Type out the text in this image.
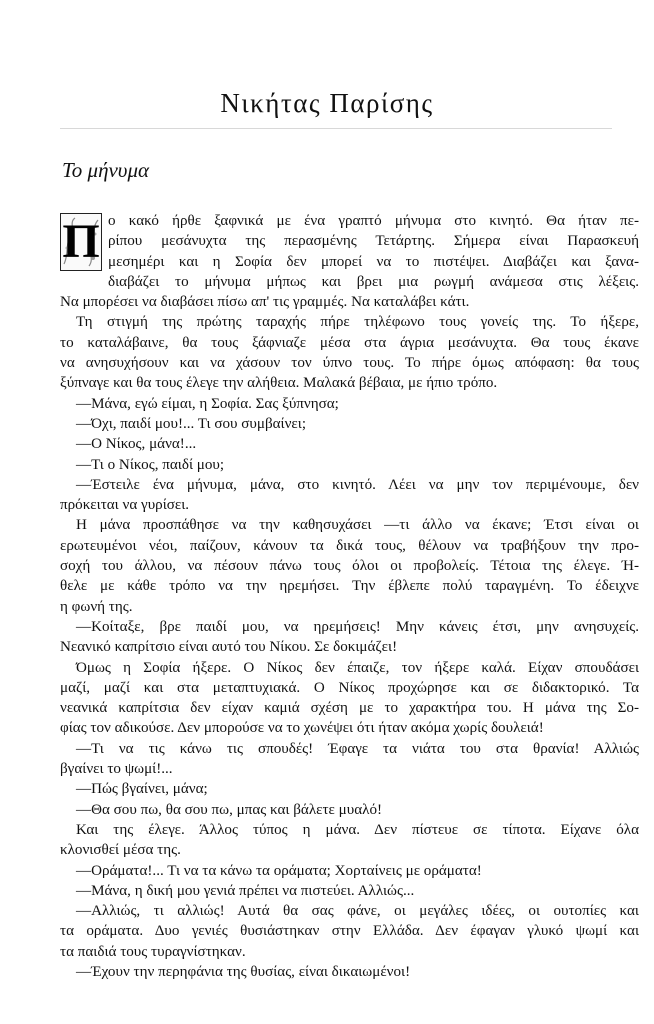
Νικήτας Παρίσης
Το μήνυμα
Π ο κακό ήρθε ξαφνικά με ένα γραπτό μήνυμα στο κινητό. Θα ήταν πε-
ρίπου μεσάνυχτα της περασμένης Τετάρτης. Σήμερα είναι Παρασκευή
μεσημέρι και η Σοφία δεν μπορεί να το πιστέψει. Διαβάζει και ξανα-
διαβάζει το μήνυμα μήπως και βρει μια ρωγμή ανάμεσα στις λέξεις.
Να μπορέσει να διαβάσει πίσω απ' τις γραμμές. Να καταλάβει κάτι.
Τη στιγμή της πρώτης ταραχής πήρε τηλέφωνο τους γονείς της. Το ήξερε,
το καταλάβαινε, θα τους ξάφνιαζε μέσα στα άγρια μεσάνυχτα. Θα τους έκανε
να ανησυχήσουν και να χάσουν τον ύπνο τους. Το πήρε όμως απόφαση: θα τους
ξύπναγε και θα τους έλεγε την αλήθεια. Μαλακά βέβαια, με ήπιο τρόπο.
—Μάνα, εγώ είμαι, η Σοφία. Σας ξύπνησα;
—Όχι, παιδί μου!... Τι σου συμβαίνει;
—Ο Νίκος, μάνα!...
—Τι ο Νίκος, παιδί μου;
—Έστειλε ένα μήνυμα, μάνα, στο κινητό. Λέει να μην τον περιμένουμε, δεν
πρόκειται να γυρίσει.
Η μάνα προσπάθησε να την καθησυχάσει —τι άλλο να έκανε; Έτσι είναι οι
ερωτευμένοι νέοι, παίζουν, κάνουν τα δικά τους, θέλουν να τραβήξουν την προ-
σοχή του άλλου, να πέσουν πάνω τους όλοι οι προβολείς. Τέτοια της έλεγε. Ή-
θελε με κάθε τρόπο να την ηρεμήσει. Την έβλεπε πολύ ταραγμένη. Το έδειχνε
η φωνή της.
—Κοίταξε, βρε παιδί μου, να ηρεμήσεις! Μην κάνεις έτσι, μην ανησυχείς.
Νεανικό καπρίτσιο είναι αυτό του Νίκου. Σε δοκιμάζει!
Όμως η Σοφία ήξερε. Ο Νίκος δεν έπαιζε, τον ήξερε καλά. Είχαν σπουδάσει
μαζί, μαζί και στα μεταπτυχιακά. Ο Νίκος προχώρησε και σε διδακτορικό. Τα
νεανικά καπρίτσια δεν είχαν καμιά σχέση με το χαρακτήρα του. Η μάνα της Σο-
φίας τον αδικούσε. Δεν μπορούσε να το χωνέψει ότι ήταν ακόμα χωρίς δουλειά!
—Τι να τις κάνω τις σπουδές! Έφαγε τα νιάτα του στα θρανία! Αλλιώς
βγαίνει το ψωμί!...
—Πώς βγαίνει, μάνα;
—Θα σου πω, θα σου πω, μπας και βάλετε μυαλό!
Και της έλεγε. Άλλος τύπος η μάνα. Δεν πίστευε σε τίποτα. Είχανε όλα
κλονισθεί μέσα της.
—Οράματα!... Τι να τα κάνω τα οράματα; Χορταίνεις με οράματα!
—Μάνα, η δική μου γενιά πρέπει να πιστεύει. Αλλιώς...
—Αλλιώς, τι αλλιώς! Αυτά θα σας φάνε, οι μεγάλες ιδέες, οι ουτοπίες και
τα οράματα. Δυο γενιές θυσιάστηκαν στην Ελλάδα. Δεν έφαγαν γλυκό ψωμί και
τα παιδιά τους τυραγνίστηκαν.
—Έχουν την περηφάνια της θυσίας, είναι δικαιωμένοι!
